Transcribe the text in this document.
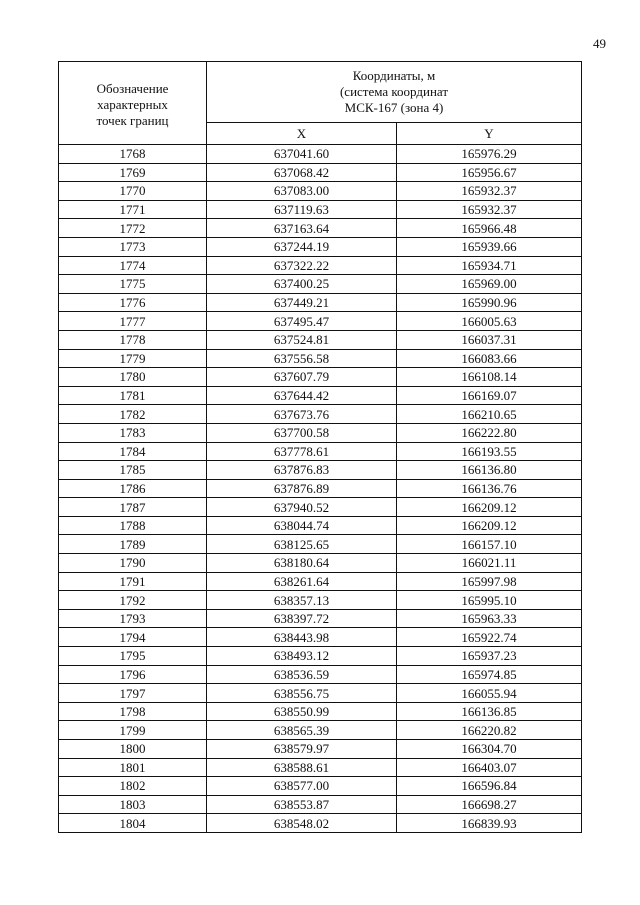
49
Обозначение
характерных
точек границ	Координаты, м
(система координат
МСК-167 (зона 4)	

	X	Y
1768	637041.60	165976.29
1769	637068.42	165956.67
1770	637083.00	165932.37
1771	637119.63	165932.37
1772	637163.64	165966.48
1773	637244.19	165939.66
1774	637322.22	165934.71
1775	637400.25	165969.00
1776	637449.21	165990.96
1777	637495.47	166005.63
1778	637524.81	166037.31
1779	637556.58	166083.66
1780	637607.79	166108.14
1781	637644.42	166169.07
1782	637673.76	166210.65
1783	637700.58	166222.80
1784	637778.61	166193.55
1785	637876.83	166136.80
1786	637876.89	166136.76
1787	637940.52	166209.12
1788	638044.74	166209.12
1789	638125.65	166157.10
1790	638180.64	166021.11
1791	638261.64	165997.98
1792	638357.13	165995.10
1793	638397.72	165963.33
1794	638443.98	165922.74
1795	638493.12	165937.23
1796	638536.59	165974.85
1797	638556.75	166055.94
1798	638550.99	166136.85
1799	638565.39	166220.82
1800	638579.97	166304.70
1801	638588.61	166403.07
1802	638577.00	166596.84
1803	638553.87	166698.27
1804	638548.02	166839.93
